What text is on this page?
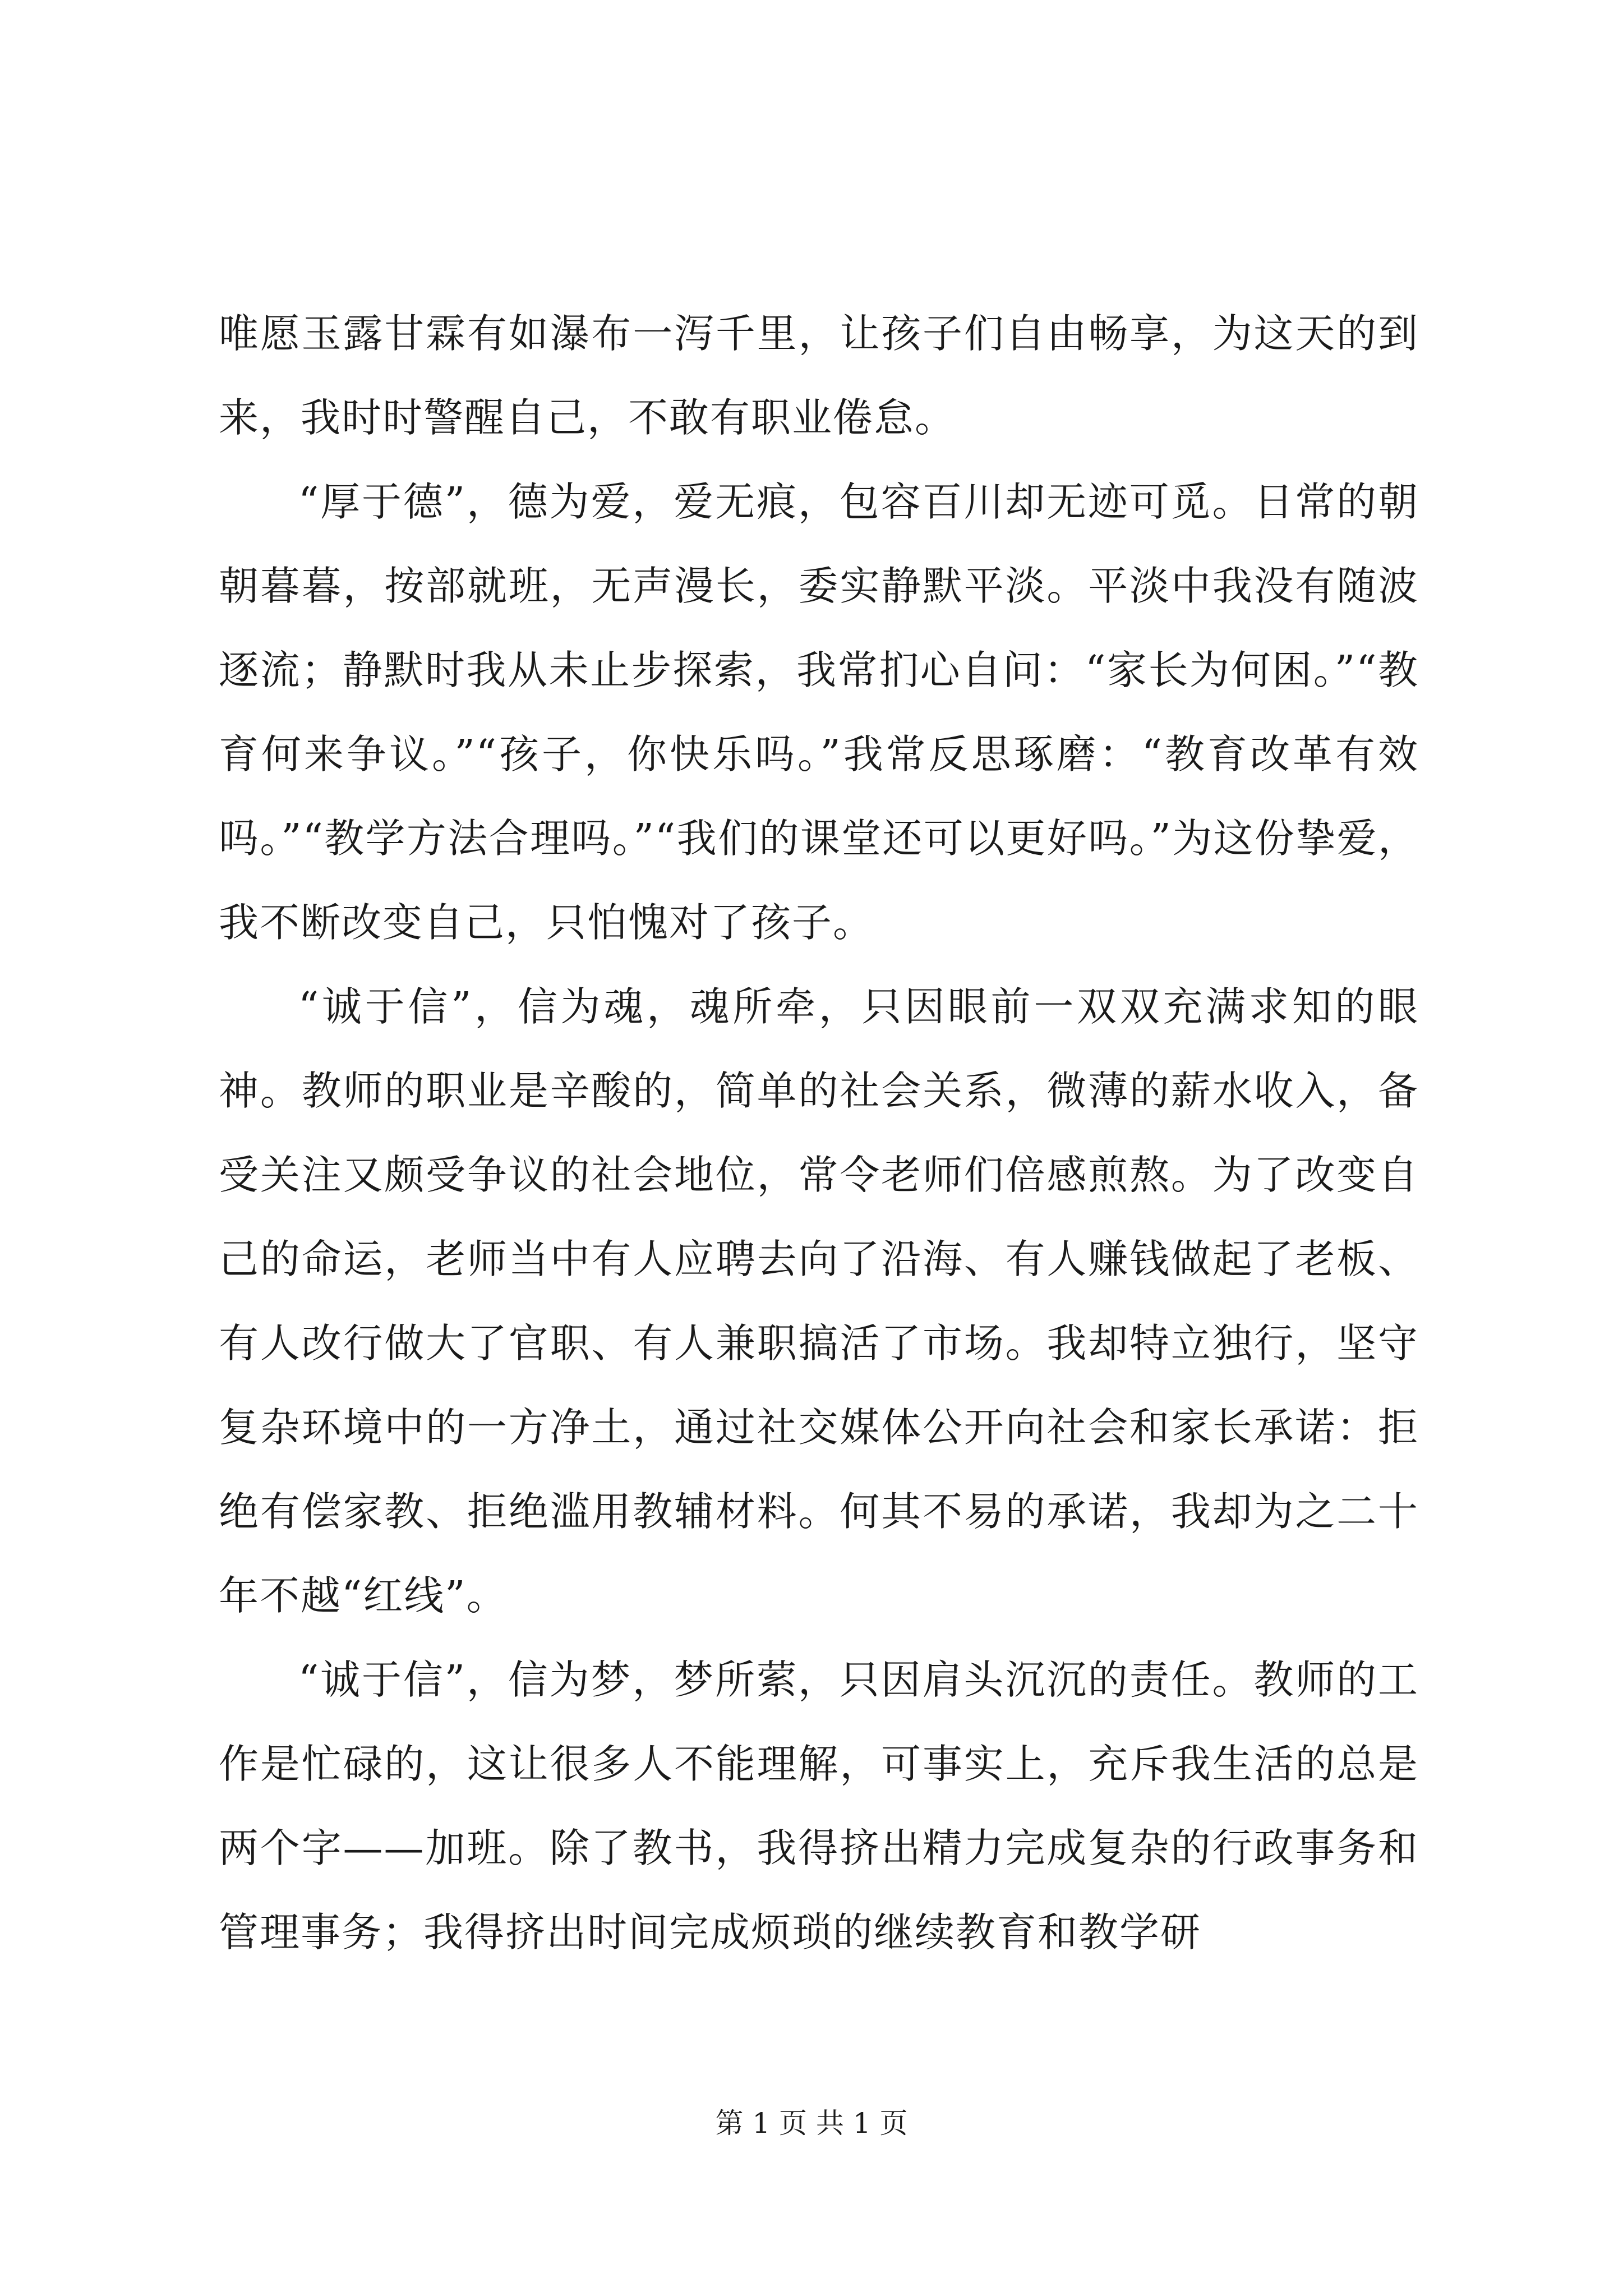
唯愿玉露甘霖有如瀑布一泻千里，让孩子们自由畅享，为这天的到来，我时时警醒自己，不敢有职业倦怠。

“厚于德”，德为爱，爱无痕，包容百川却无迹可觅。日常的朝朝暮暮，按部就班，无声漫长，委实静默平淡。平淡中我没有随波逐流；静默时我从未止步探索，我常扪心自问：“家长为何困。”“教育何来争议。”“孩子，你快乐吗。”我常反思琢磨：“教育改革有效吗。”“教学方法合理吗。”“我们的课堂还可以更好吗。”为这份挚爱，我不断改变自己，只怕愧对了孩子。

“诚于信”，信为魂，魂所牵，只因眼前一双双充满求知的眼神。教师的职业是辛酸的，简单的社会关系，微薄的薪水收入，备受关注又颇受争议的社会地位，常令老师们倍感煎熬。为了改变自己的命运，老师当中有人应聘去向了沿海、有人赚钱做起了老板、有人改行做大了官职、有人兼职搞活了市场。我却特立独行，坚守复杂环境中的一方净土，通过社交媒体公开向社会和家长承诺：拒绝有偿家教、拒绝滥用教辅材料。何其不易的承诺，我却为之二十年不越“红线”。

“诚于信”，信为梦，梦所萦，只因肩头沉沉的责任。教师的工作是忙碌的，这让很多人不能理解，可事实上，充斥我生活的总是两个字——加班。除了教书，我得挤出精力完成复杂的行政事务和管理事务；我得挤出时间完成烦琐的继续教育和教学研

第 1 页 共 1 页
